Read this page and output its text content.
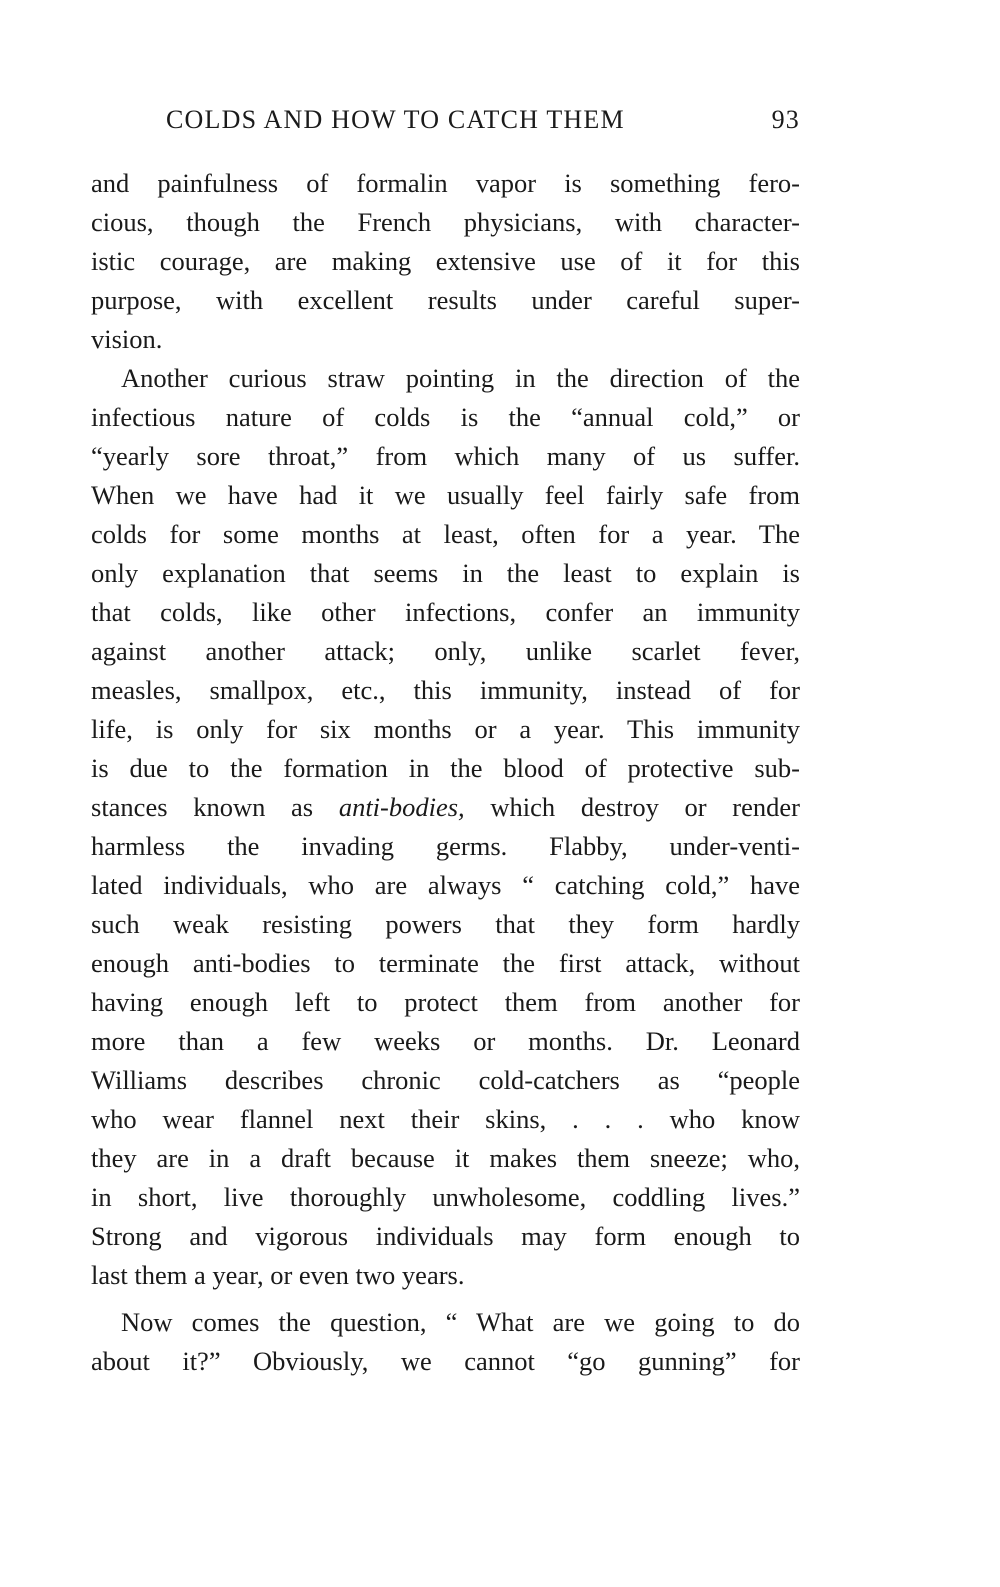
COLDS AND HOW TO CATCH THEM	93
and painfulness of formalin vapor is something fero-
cious, though the French physicians, with character-
istic courage, are making extensive use of it for this
purpose, with excellent results under careful super-
vision.
Another curious straw pointing in the direction of the
infectious nature of colds is the “annual cold,” or
“yearly sore throat,” from which many of us suffer.
When we have had it we usually feel fairly safe from
colds for some months at least, often for a year. The
only explanation that seems in the least to explain is
that colds, like other infections, confer an immunity
against another attack; only, unlike scarlet fever,
measles, smallpox, etc., this immunity, instead of for
life, is only for six months or a year. This immunity
is due to the formation in the blood of protective sub-
stances known as anti-bodies, which destroy or render
harmless the invading germs. Flabby, under-venti-
lated individuals, who are always “ catching cold,” have
such weak resisting powers that they form hardly
enough anti-bodies to terminate the first attack, without
having enough left to protect them from another for
more than a few weeks or months. Dr. Leonard
Williams describes chronic cold-catchers as “people
who wear flannel next their skins, . . . who know
they are in a draft because it makes them sneeze; who,
in short, live thoroughly unwholesome, coddling lives.”
Strong and vigorous individuals may form enough to
last them a year, or even two years.
Now comes the question, “ What are we going to do
about it?” Obviously, we cannot “go gunning” for
